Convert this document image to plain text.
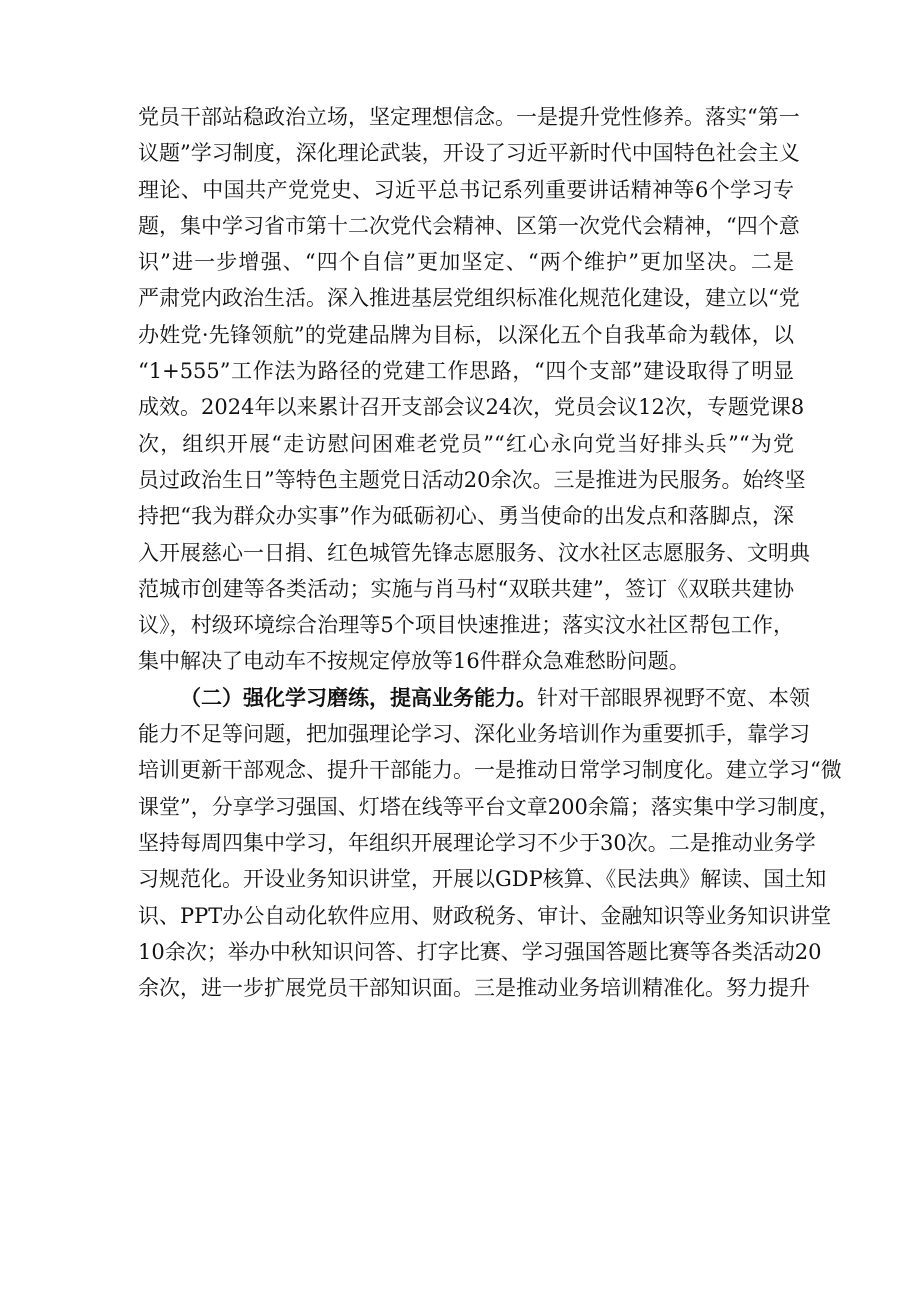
党员干部站稳政治立场，坚定理想信念。一是提升党性修养。落实“第一
议题”学习制度，深化理论武装，开设了习近平新时代中国特色社会主义
理论、中国共产党党史、习近平总书记系列重要讲话精神等6个学习专
题，集中学习省市第十二次党代会精神、区第一次党代会精神，“四个意
识”进一步增强、“四个自信”更加坚定、“两个维护”更加坚决。二是
严肃党内政治生活。深入推进基层党组织标准化规范化建设，建立以“党
办姓党·先锋领航”的党建品牌为目标，以深化五个自我革命为载体，以
“1+555”工作法为路径的党建工作思路，“四个支部”建设取得了明显
成效。2024年以来累计召开支部会议24次，党员会议12次，专题党课8
次，组织开展“走访慰问困难老党员”“红心永向党当好排头兵”“为党
员过政治生日”等特色主题党日活动20余次。三是推进为民服务。始终坚
持把“我为群众办实事”作为砥砺初心、勇当使命的出发点和落脚点，深
入开展慈心一日捐、红色城管先锋志愿服务、汶水社区志愿服务、文明典
范城市创建等各类活动；实施与肖马村“双联共建”，签订《双联共建协
议》，村级环境综合治理等5个项目快速推进；落实汶水社区帮包工作，
集中解决了电动车不按规定停放等16件群众急难愁盼问题。
（二）强化学习磨练，提高业务能力。针对干部眼界视野不宽、本领
能力不足等问题，把加强理论学习、深化业务培训作为重要抓手，靠学习
培训更新干部观念、提升干部能力。一是推动日常学习制度化。建立学习“微
课堂”，分享学习强国、灯塔在线等平台文章200余篇；落实集中学习制度，
坚持每周四集中学习，年组织开展理论学习不少于30次。二是推动业务学
习规范化。开设业务知识讲堂，开展以GDP核算、《民法典》解读、国土知
识、PPT办公自动化软件应用、财政税务、审计、金融知识等业务知识讲堂
10余次；举办中秋知识问答、打字比赛、学习强国答题比赛等各类活动20
余次，进一步扩展党员干部知识面。三是推动业务培训精准化。努力提升
